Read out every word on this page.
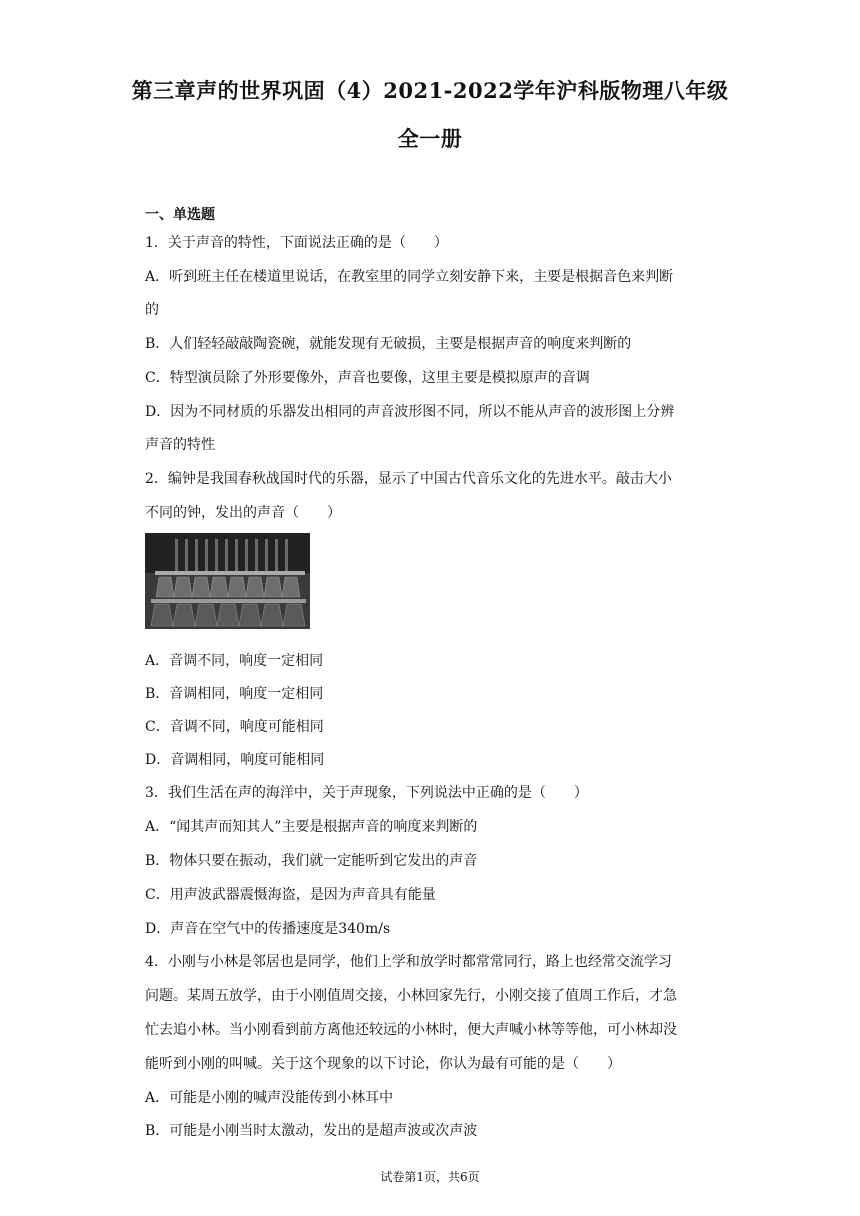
第三章声的世界巩固（4）2021-2022学年沪科版物理八年级
全一册
一、单选题
1．关于声音的特性，下面说法正确的是（　　）
A．听到班主任在楼道里说话，在教室里的同学立刻安静下来，主要是根据音色来判断
的
B．人们轻轻敲敲陶瓷碗，就能发现有无破损，主要是根据声音的响度来判断的
C．特型演员除了外形要像外，声音也要像，这里主要是模拟原声的音调
D．因为不同材质的乐器发出相同的声音波形图不同，所以不能从声音的波形图上分辨
声音的特性
2．编钟是我国春秋战国时代的乐器，显示了中国古代音乐文化的先进水平。敲击大小
不同的钟，发出的声音（　　）
A．音调不同，响度一定相同
B．音调相同，响度一定相同
C．音调不同，响度可能相同
D．音调相同，响度可能相同
3．我们生活在声的海洋中，关于声现象，下列说法中正确的是（　　）
A．“闻其声而知其人”主要是根据声音的响度来判断的
B．物体只要在振动，我们就一定能听到它发出的声音
C．用声波武器震慑海盗，是因为声音具有能量
D．声音在空气中的传播速度是340m/s
4．小刚与小林是邻居也是同学，他们上学和放学时都常常同行，路上也经常交流学习
问题。某周五放学，由于小刚值周交接，小林回家先行，小刚交接了值周工作后，才急
忙去追小林。当小刚看到前方离他还较远的小林时，便大声喊小林等等他，可小林却没
能听到小刚的叫喊。关于这个现象的以下讨论，你认为最有可能的是（　　）
A．可能是小刚的喊声没能传到小林耳中
B．可能是小刚当时太激动，发出的是超声波或次声波
试卷第1页，共6页
